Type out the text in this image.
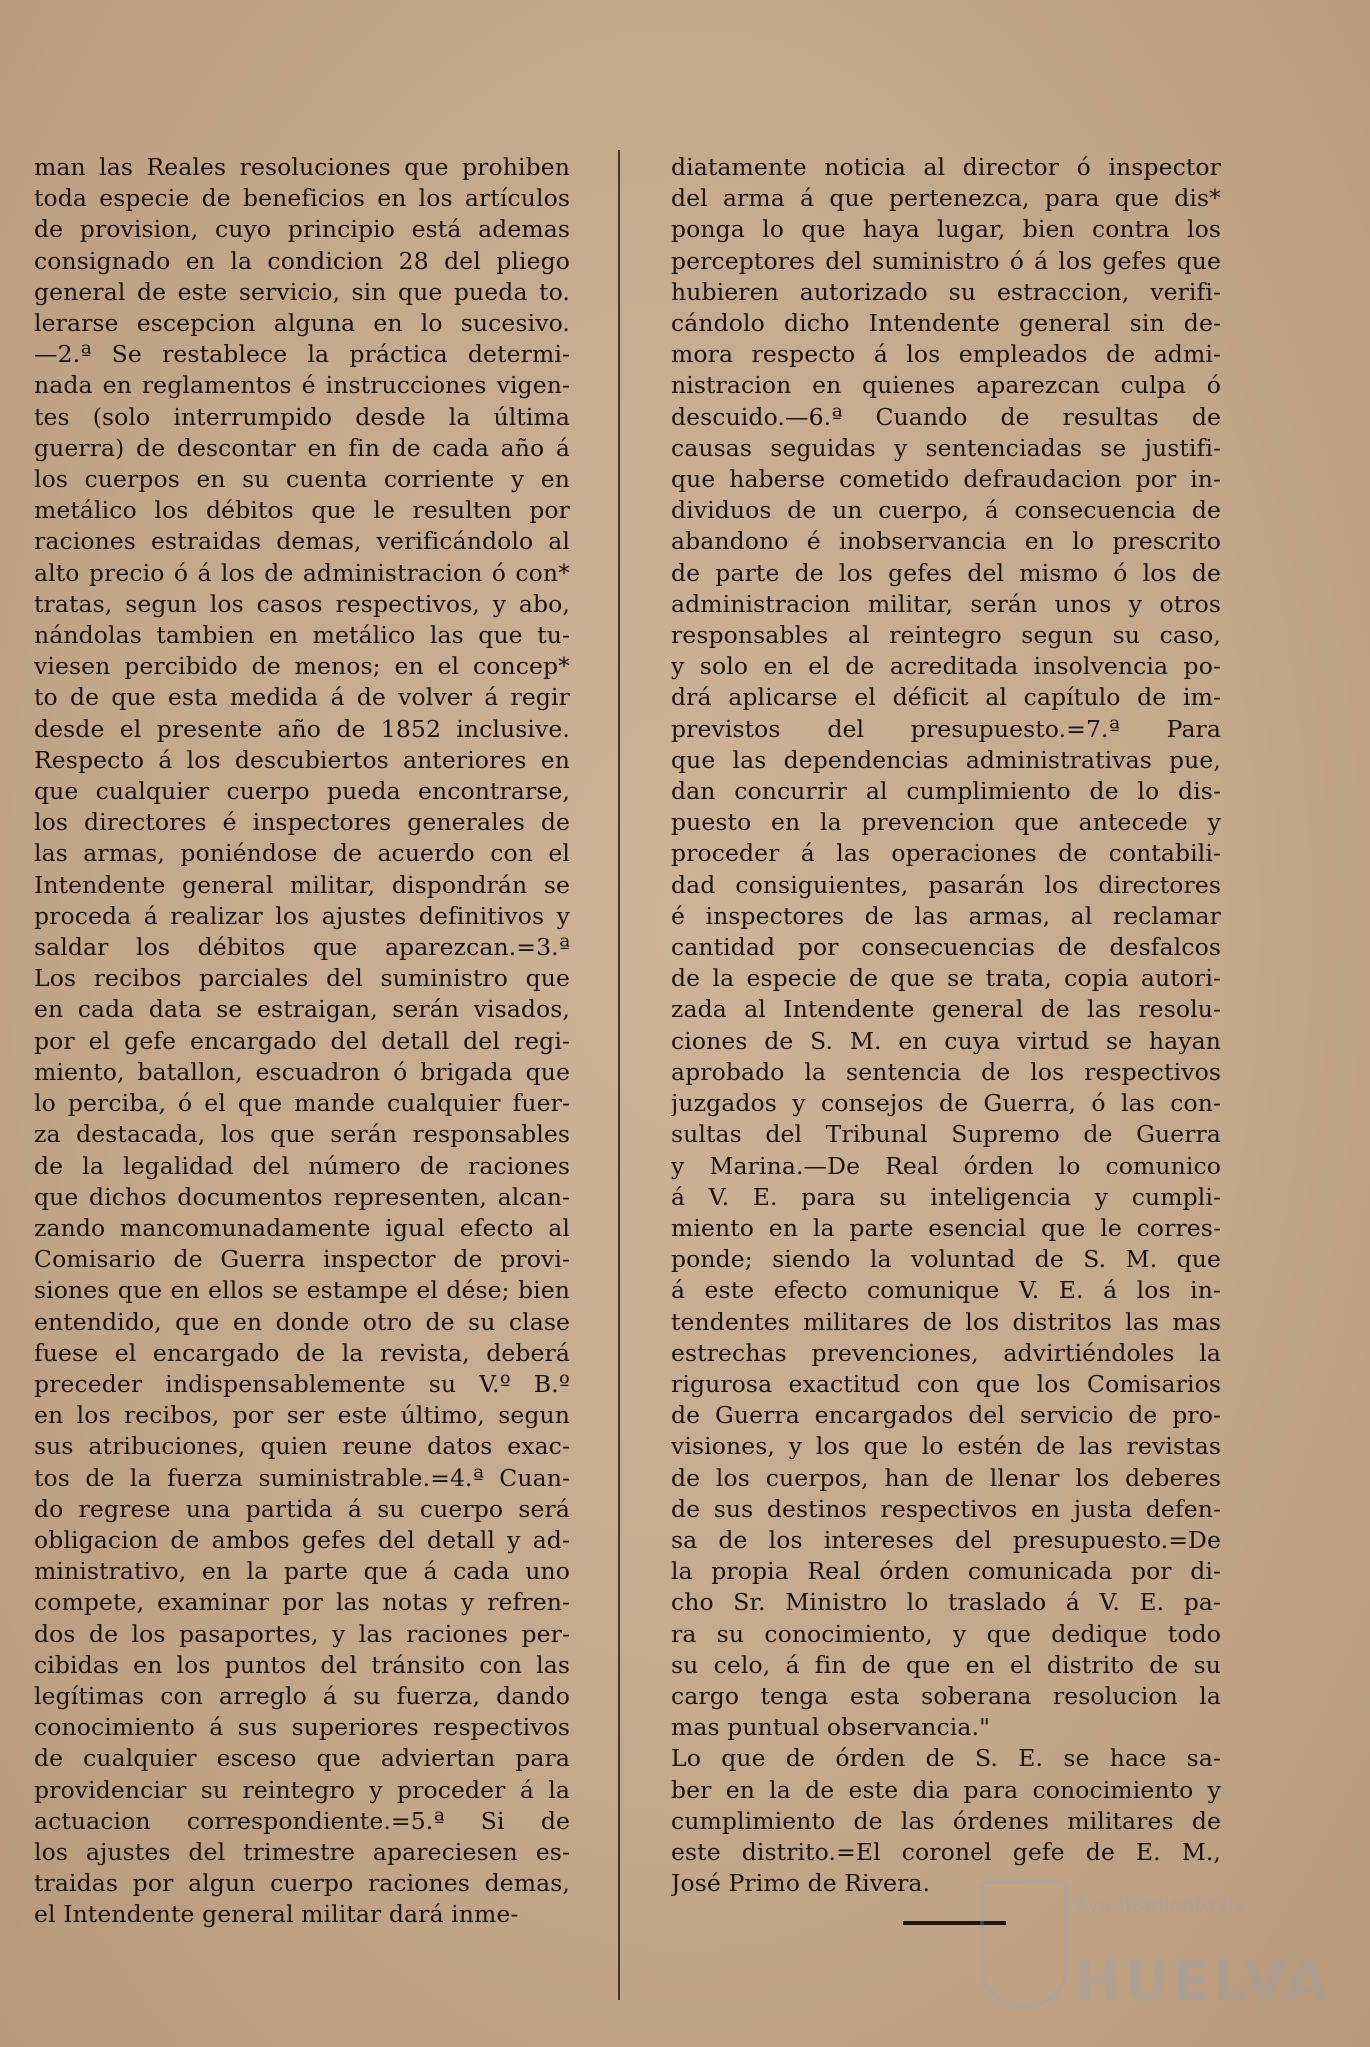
man las Reales resoluciones que prohiben
toda especie de beneficios en los artículos
de provision, cuyo principio está ademas
consignado en la condicion 28 del pliego
general de este servicio, sin que pueda to.
lerarse escepcion alguna en lo sucesivo.
—2.ª Se restablece la práctica determi-
nada en reglamentos é instrucciones vigen-
tes (solo interrumpido desde la última
guerra) de descontar en fin de cada año á
los cuerpos en su cuenta corriente y en
metálico los débitos que le resulten por
raciones estraidas demas, verificándolo al
alto precio ó á los de administracion ó con*
tratas, segun los casos respectivos, y abo,
nándolas tambien en metálico las que tu-
viesen percibido de menos; en el concep*
to de que esta medida á de volver á regir
desde el presente año de 1852 inclusive.
Respecto á los descubiertos anteriores en
que cualquier cuerpo pueda encontrarse,
los directores é inspectores generales de
las armas, poniéndose de acuerdo con el
Intendente general militar, dispondrán se
proceda á realizar los ajustes definitivos y
saldar los débitos que aparezcan.=3.ª
Los recibos parciales del suministro que
en cada data se estraigan, serán visados,
por el gefe encargado del detall del regi-
miento, batallon, escuadron ó brigada que
lo perciba, ó el que mande cualquier fuer-
za destacada, los que serán responsables
de la legalidad del número de raciones
que dichos documentos representen, alcan-
zando mancomunadamente igual efecto al
Comisario de Guerra inspector de provi-
siones que en ellos se estampe el dése; bien
entendido, que en donde otro de su clase
fuese el encargado de la revista, deberá
preceder indispensablemente su V.º B.º
en los recibos, por ser este último, segun
sus atribuciones, quien reune datos exac-
tos de la fuerza suministrable.=4.ª Cuan-
do regrese una partida á su cuerpo será
obligacion de ambos gefes del detall y ad-
ministrativo, en la parte que á cada uno
compete, examinar por las notas y refren-
dos de los pasaportes, y las raciones per-
cibidas en los puntos del tránsito con las
legítimas con arreglo á su fuerza, dando
conocimiento á sus superiores respectivos
de cualquier esceso que adviertan para
providenciar su reintegro y proceder á la
actuacion correspondiente.=5.ª Si de
los ajustes del trimestre apareciesen es-
traidas por algun cuerpo raciones demas,
el Intendente general militar dará inme-
diatamente noticia al director ó inspector
del arma á que pertenezca, para que dis*
ponga lo que haya lugar, bien contra los
perceptores del suministro ó á los gefes que
hubieren autorizado su estraccion, verifi-
cándolo dicho Intendente general sin de-
mora respecto á los empleados de admi-
nistracion en quienes aparezcan culpa ó
descuido.—6.ª Cuando de resultas de
causas seguidas y sentenciadas se justifi-
que haberse cometido defraudacion por in-
dividuos de un cuerpo, á consecuencia de
abandono é inobservancia en lo prescrito
de parte de los gefes del mismo ó los de
administracion militar, serán unos y otros
responsables al reintegro segun su caso,
y solo en el de acreditada insolvencia po-
drá aplicarse el déficit al capítulo de im-
previstos del presupuesto.=7.ª Para
que las dependencias administrativas pue,
dan concurrir al cumplimiento de lo dis-
puesto en la prevencion que antecede y
proceder á las operaciones de contabili-
dad consiguientes, pasarán los directores
é inspectores de las armas, al reclamar
cantidad por consecuencias de desfalcos
de la especie de que se trata, copia autori-
zada al Intendente general de las resolu-
ciones de S. M. en cuya virtud se hayan
aprobado la sentencia de los respectivos
juzgados y consejos de Guerra, ó las con-
sultas del Tribunal Supremo de Guerra
y Marina.—De Real órden lo comunico
á V. E. para su inteligencia y cumpli-
miento en la parte esencial que le corres-
ponde; siendo la voluntad de S. M. que
á este efecto comunique V. E. á los in-
tendentes militares de los distritos las mas
estrechas prevenciones, advirtiéndoles la
rigurosa exactitud con que los Comisarios
de Guerra encargados del servicio de pro-
visiones, y los que lo estén de las revistas
de los cuerpos, han de llenar los deberes
de sus destinos respectivos en justa defen-
sa de los intereses del presupuesto.=De
la propia Real órden comunicada por di-
cho Sr. Ministro lo traslado á V. E. pa-
ra su conocimiento, y que dedique todo
su celo, á fin de que en el distrito de su
cargo tenga esta soberana resolucion la
mas puntual observancia."
Lo que de órden de S. E. se hace sa-
ber en la de este dia para conocimiento y
cumplimiento de las órdenes militares de
este distrito.=El coronel gefe de E. M.,
José Primo de Rivera.
Ayuntamiento de
HUELVA
